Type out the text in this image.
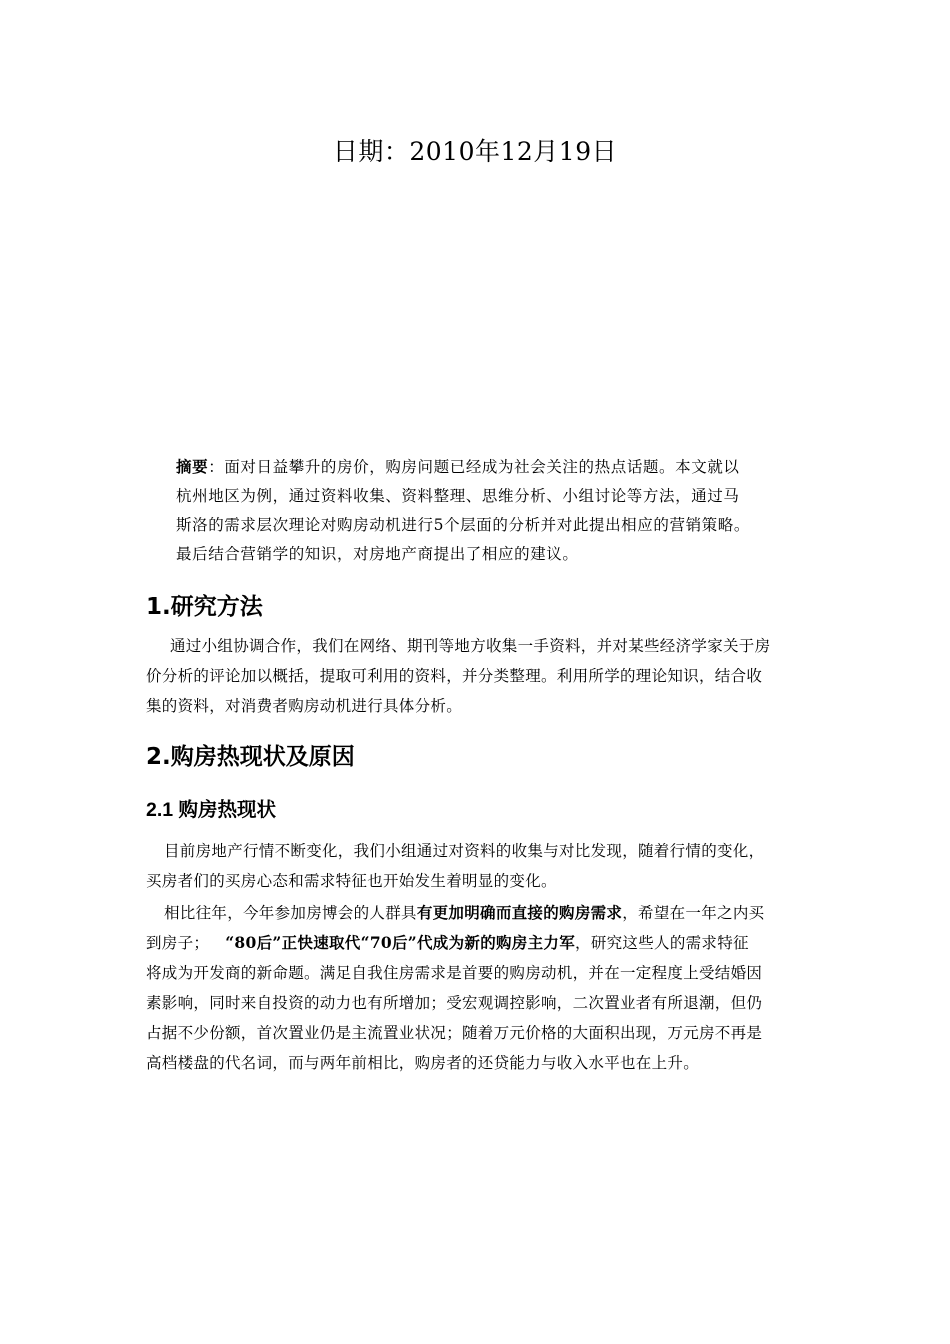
日期：2010年12月19日
摘要：面对日益攀升的房价，购房问题已经成为社会关注的热点话题。本文就以
杭州地区为例，通过资料收集、资料整理、思维分析、小组讨论等方法，通过马
斯洛的需求层次理论对购房动机进行5个层面的分析并对此提出相应的营销策略。
最后结合营销学的知识，对房地产商提出了相应的建议。
1.研究方法
通过小组协调合作，我们在网络、期刊等地方收集一手资料，并对某些经济学家关于房
价分析的评论加以概括，提取可利用的资料，并分类整理。利用所学的理论知识，结合收
集的资料，对消费者购房动机进行具体分析。
2.购房热现状及原因
2.1 购房热现状
目前房地产行情不断变化，我们小组通过对资料的收集与对比发现，随着行情的变化，
买房者们的买房心态和需求特征也开始发生着明显的变化。
相比往年，今年参加房博会的人群具有更加明确而直接的购房需求，希望在一年之内买
到房子； “80后”正快速取代“70后”代成为新的购房主力军，研究这些人的需求特征
将成为开发商的新命题。满足自我住房需求是首要的购房动机，并在一定程度上受结婚因
素影响，同时来自投资的动力也有所增加；受宏观调控影响，二次置业者有所退潮，但仍
占据不少份额，首次置业仍是主流置业状况；随着万元价格的大面积出现，万元房不再是
高档楼盘的代名词，而与两年前相比，购房者的还贷能力与收入水平也在上升。
